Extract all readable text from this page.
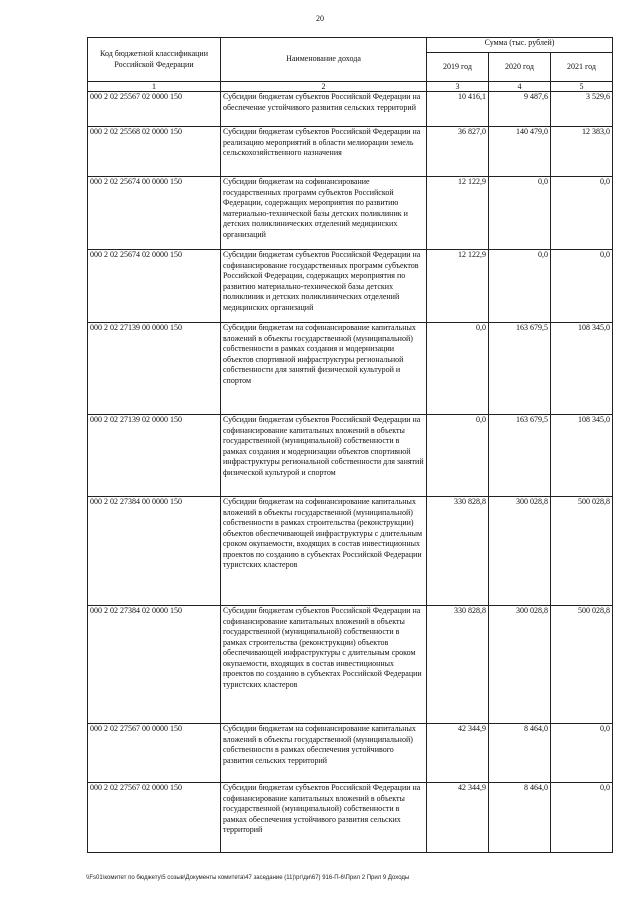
20
Код бюджетной классификации Российской Федерации	Наименование дохода	Сумма (тыс. рублей)		
		2019 год	2020 год	2021 год
1	2	3	4	5
000 2 02 25567 02 0000 150	Субсидии бюджетам субъектов Российской Федерации на обеспечение устойчивого развития сельских территорий	10 416,1	9 487,6	3 529,6
000 2 02 25568 02 0000 150	Субсидии бюджетам субъектов Российской Федерации на реализацию мероприятий в области мелиорации земель сельскохозяйственного назначения	36 827,0	140 479,0	12 383,0
000 2 02 25674 00 0000 150	Субсидии бюджетам на софинансирование государственных программ субъектов Российской Федерации, содержащих мероприятия по развитию материально-технической базы детских поликлиник и детских поликлинических отделений медицинских организаций	12 122,9	0,0	0,0
000 2 02 25674 02 0000 150	Субсидии бюджетам субъектов Российской Федерации на софинансирование государственных программ субъектов Российской Федерации, содержащих мероприятия по развитию материально-технической базы детских поликлиник и детских поликлинических отделений медицинских организаций	12 122,9	0,0	0,0
000 2 02 27139 00 0000 150	Субсидии бюджетам на софинансирование капитальных вложений в объекты государственной (муниципальной) собственности в рамках создания и модернизации объектов спортивной инфраструктуры региональной собственности для занятий физической культурой и спортом	0,0	163 679,5	108 345,0
000 2 02 27139 02 0000 150	Субсидии бюджетам субъектов Российской Федерации на софинансирование капитальных вложений в объекты государственной (муниципальной) собственности в рамках создания и модернизации объектов спортивной инфраструктуры региональной собственности для занятий физической культурой и спортом	0,0	163 679,5	108 345,0
000 2 02 27384 00 0000 150	Субсидии бюджетам на софинансирование капитальных вложений в объекты государственной (муниципальной) собственности в рамках строительства (реконструкции) объектов обеспечивающей инфраструктуры с длительным сроком окупаемости, входящих в состав инвестиционных проектов по созданию в субъектах Российской Федерации туристских кластеров	330 828,8	300 028,8	500 028,8
000 2 02 27384 02 0000 150	Субсидии бюджетам субъектов Российской Федерации на софинансирование капитальных вложений в объекты государственной (муниципальной) собственности в рамках строительства (реконструкции) объектов обеспечивающей инфраструктуры с длительным сроком окупаемости, входящих в состав инвестиционных проектов по созданию в субъектах Российской Федерации туристских кластеров	330 828,8	300 028,8	500 028,8
000 2 02 27567 00 0000 150	Субсидии бюджетам на софинансирование капитальных вложений в объекты государственной (муниципальной) собственности в рамках обеспечения устойчивого развития сельских территорий	42 344,9	8 464,0	0,0
000 2 02 27567 02 0000 150	Субсидии бюджетам субъектов Российской Федерации на софинансирование капитальных вложений в объекты государственной (муниципальной) собственности в рамках обеспечения устойчивого развития сельских территорий	42 344,9	8 464,0	0,0
\\Fs01\комитет по бюджету\5 созыв\Документы комитета\47 заседание (11)\рг\ди\67) 916-П-6\Прил 2 Прил 9 Доходы
